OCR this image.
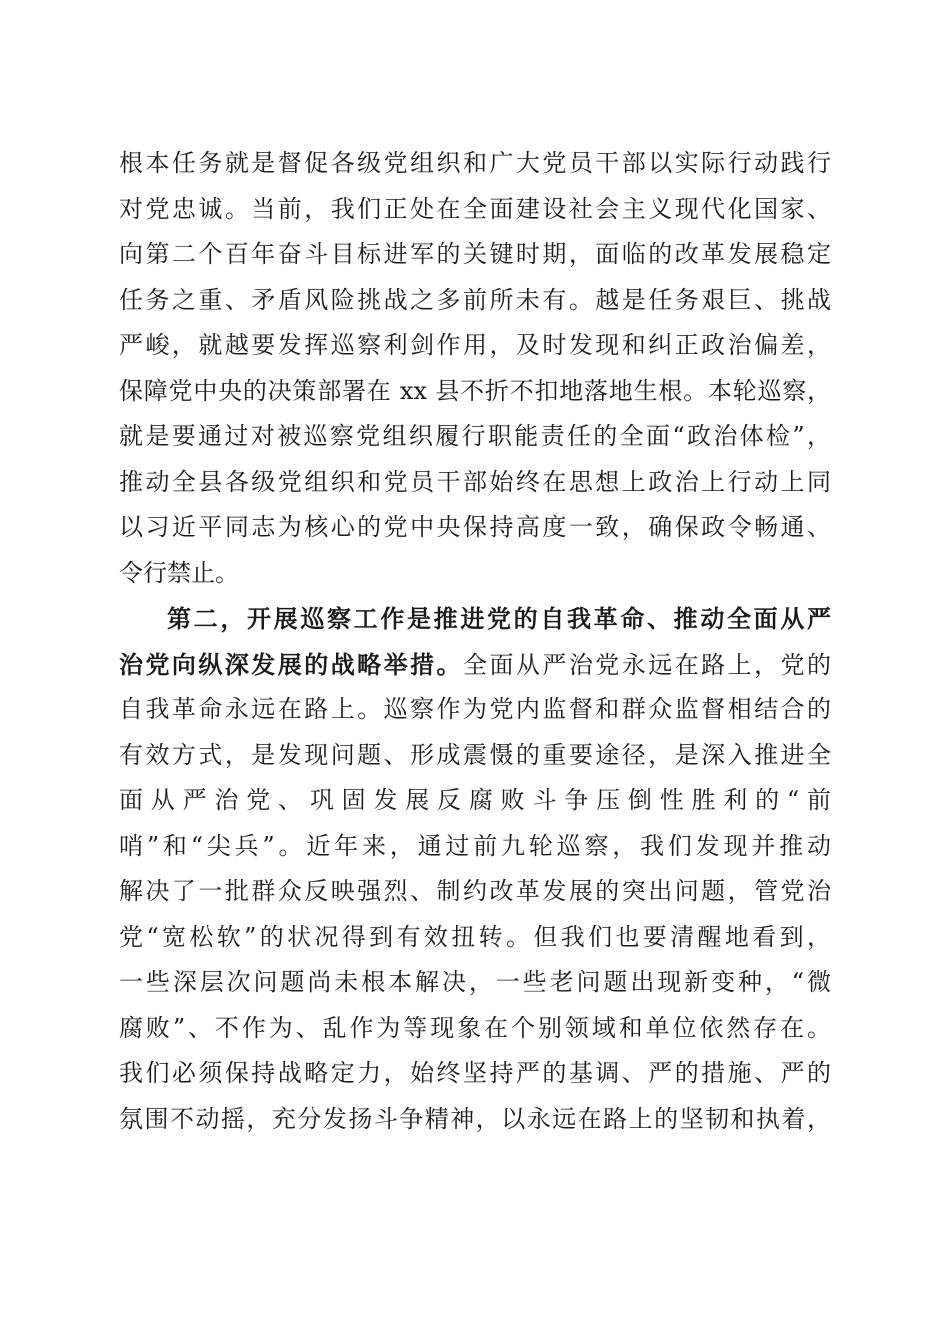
根本任务就是督促各级党组织和广大党员干部以实际行动践行
对党忠诚。当前，我们正处在全面建设社会主义现代化国家、
向第二个百年奋斗目标进军的关键时期，面临的改革发展稳定
任务之重、矛盾风险挑战之多前所未有。越是任务艰巨、挑战
严峻，就越要发挥巡察利剑作用，及时发现和纠正政治偏差，
保障党中央的决策部署在 xx 县不折不扣地落地生根。本轮巡察，
就是要通过对被巡察党组织履行职能责任的全面“政治体检”，
推动全县各级党组织和党员干部始终在思想上政治上行动上同
以习近平同志为核心的党中央保持高度一致，确保政令畅通、
令行禁止。
第二，开展巡察工作是推进党的自我革命、推动全面从严
治党向纵深发展的战略举措。全面从严治党永远在路上，党的
自我革命永远在路上。巡察作为党内监督和群众监督相结合的
有效方式，是发现问题、形成震慑的重要途径，是深入推进全
面从严治党、巩固发展反腐败斗争压倒性胜利的“前
哨”和“尖兵”。近年来，通过前九轮巡察，我们发现并推动
解决了一批群众反映强烈、制约改革发展的突出问题，管党治
党“宽松软”的状况得到有效扭转。但我们也要清醒地看到，
一些深层次问题尚未根本解决，一些老问题出现新变种，“微
腐败”、不作为、乱作为等现象在个别领域和单位依然存在。
我们必须保持战略定力，始终坚持严的基调、严的措施、严的
氛围不动摇，充分发扬斗争精神，以永远在路上的坚韧和执着，
